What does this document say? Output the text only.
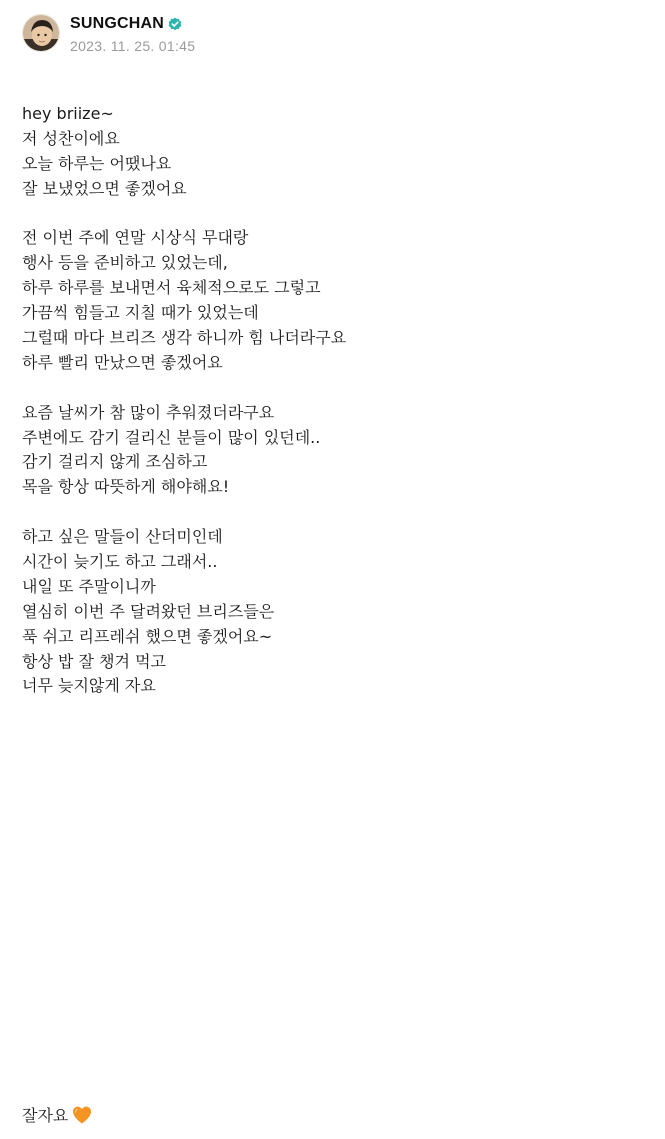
SUNGCHAN
2023. 11. 25. 01:45
hey briize~
저 성찬이에요
오늘 하루는 어땠나요
잘 보냈었으면 좋겠어요
전 이번 주에 연말 시상식 무대랑
행사 등을 준비하고 있었는데,
하루 하루를 보내면서 육체적으로도 그렇고
가끔씩 힘들고 지칠 때가 있었는데
그럴때 마다 브리즈 생각 하니까 힘 나더라구요
하루 빨리 만났으면 좋겠어요
요즘 날씨가 참 많이 추워졌더라구요
주변에도 감기 걸리신 분들이 많이 있던데..
감기 걸리지 않게 조심하고
목을 항상 따뜻하게 해야해요!
하고 싶은 말들이 산더미인데
시간이 늦기도 하고 그래서..
내일 또 주말이니까
열심히 이번 주 달려왔던 브리즈들은
푹 쉬고 리프레쉬 했으면 좋겠어요~
항상 밥 잘 챙겨 먹고
너무 늦지않게 자요
잘자요
